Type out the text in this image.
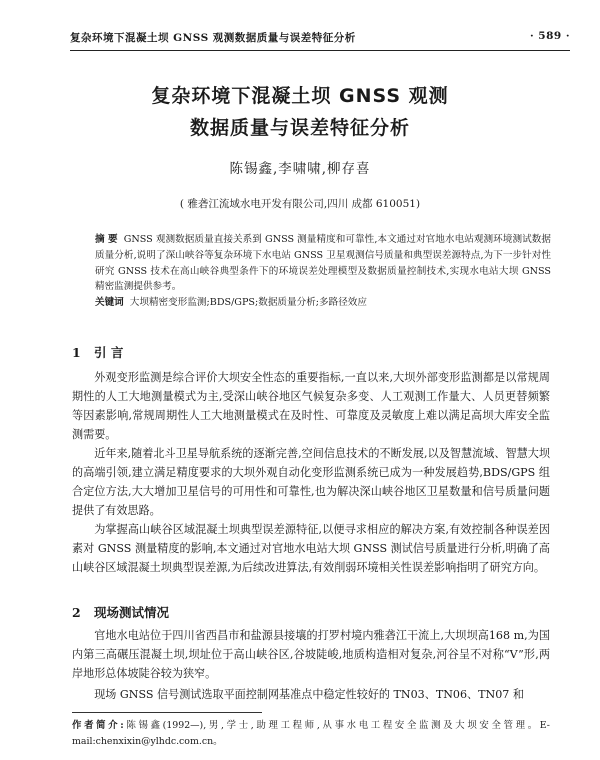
复杂环境下混凝土坝 GNSS 观测数据质量与误差特征分析	· 589 ·
复杂环境下混凝土坝 GNSS 观测
数据质量与误差特征分析
陈锡鑫,李啸啸,柳存喜
( 雅砻江流域水电开发有限公司,四川 成都 610051)
摘 要 GNSS 观测数据质量直接关系到 GNSS 测量精度和可靠性,本文通过对官地水电站观测环境测试数据质量分析,说明了深山峡谷等复杂环境下水电站 GNSS 卫星观测信号质量和典型误差源特点,为下一步针对性研究 GNSS 技术在高山峡谷典型条件下的环境误差处理模型及数据质量控制技术,实现水电站大坝 GNSS 精密监测提供参考。
关键词 大坝精密变形监测;BDS/GPS;数据质量分析;多路径效应
1 引 言
外观变形监测是综合评价大坝安全性态的重要指标,一直以来,大坝外部变形监测都是以常规周期性的人工大地测量模式为主,受深山峡谷地区气候复杂多变、人工观测工作量大、人员更替频繁等因素影响,常规周期性人工大地测量模式在及时性、可靠度及灵敏度上难以满足高坝大库安全监测需要。
近年来,随着北斗卫星导航系统的逐渐完善,空间信息技术的不断发展,以及智慧流域、智慧大坝的高端引领,建立满足精度要求的大坝外观自动化变形监测系统已成为一种发展趋势,BDS/GPS 组合定位方法,大大增加卫星信号的可用性和可靠性,也为解决深山峡谷地区卫星数量和信号质量问题提供了有效思路。
为掌握高山峡谷区域混凝土坝典型误差源特征,以便寻求相应的解决方案,有效控制各种误差因素对 GNSS 测量精度的影响,本文通过对官地水电站大坝 GNSS 测试信号质量进行分析,明确了高山峡谷区域混凝土坝典型误差源,为后续改进算法,有效削弱环境相关性误差影响指明了研究方向。
2 现场测试情况
官地水电站位于四川省西昌市和盐源县接壤的打罗村境内雅砻江干流上,大坝坝高168 m,为国内第三高碾压混凝土坝,坝址位于高山峡谷区,谷坡陡峻,地质构造相对复杂,河谷呈不对称“V”形,两岸地形总体坡陡谷较为狭窄。
现场 GNSS 信号测试选取平面控制网基准点中稳定性较好的 TN03、TN06、TN07 和
作者简介:陈锡鑫(1992—),男,学士,助理工程师,从事水电工程安全监测及大坝安全管理。E-mail:chenxixin@ylhdc.com.cn。
